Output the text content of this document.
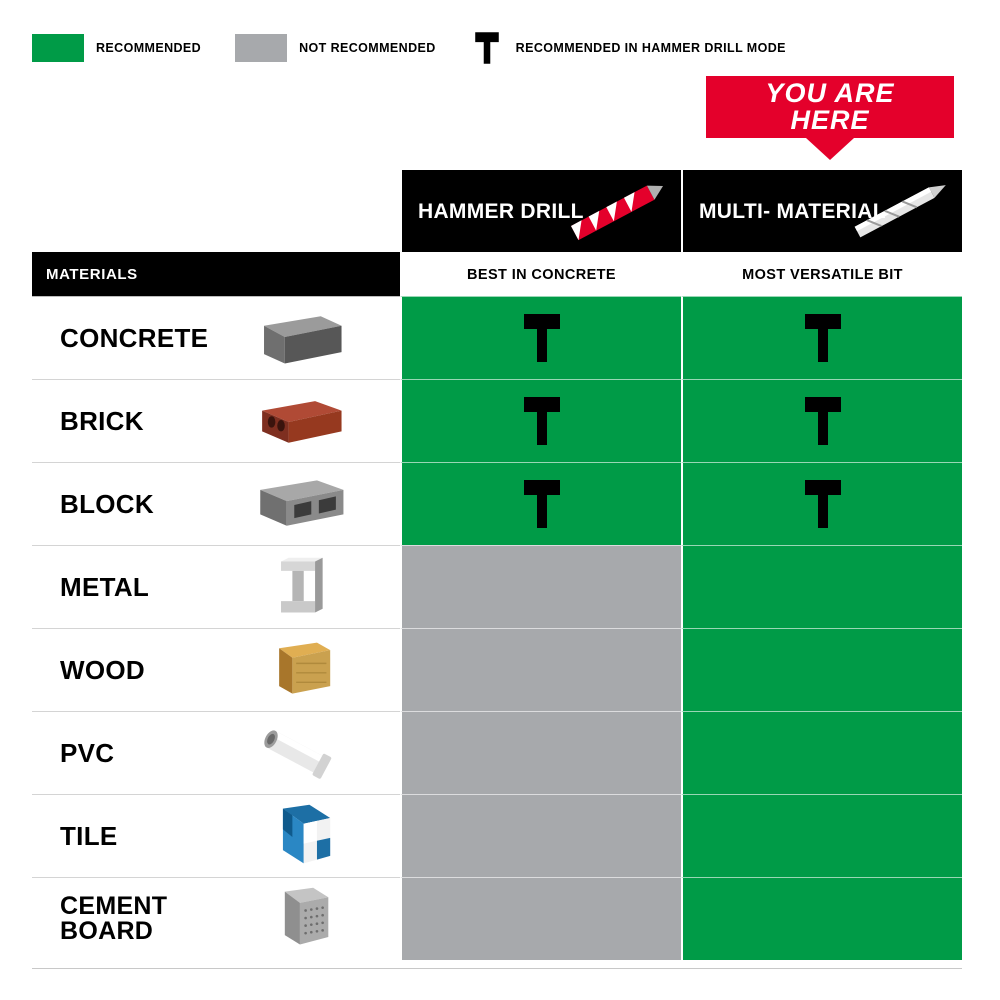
RECOMMENDED	NOT RECOMMENDED	RECOMMENDED IN HAMMER DRILL MODE
YOU ARE
HERE
HAMMER DRILL	MULTI- MATERIAL
MATERIALS	BEST IN CONCRETE	MOST VERSATILE BIT
CONCRETE
BRICK
BLOCK
METAL
WOOD
PVC
TILE
CEMENT BOARD
